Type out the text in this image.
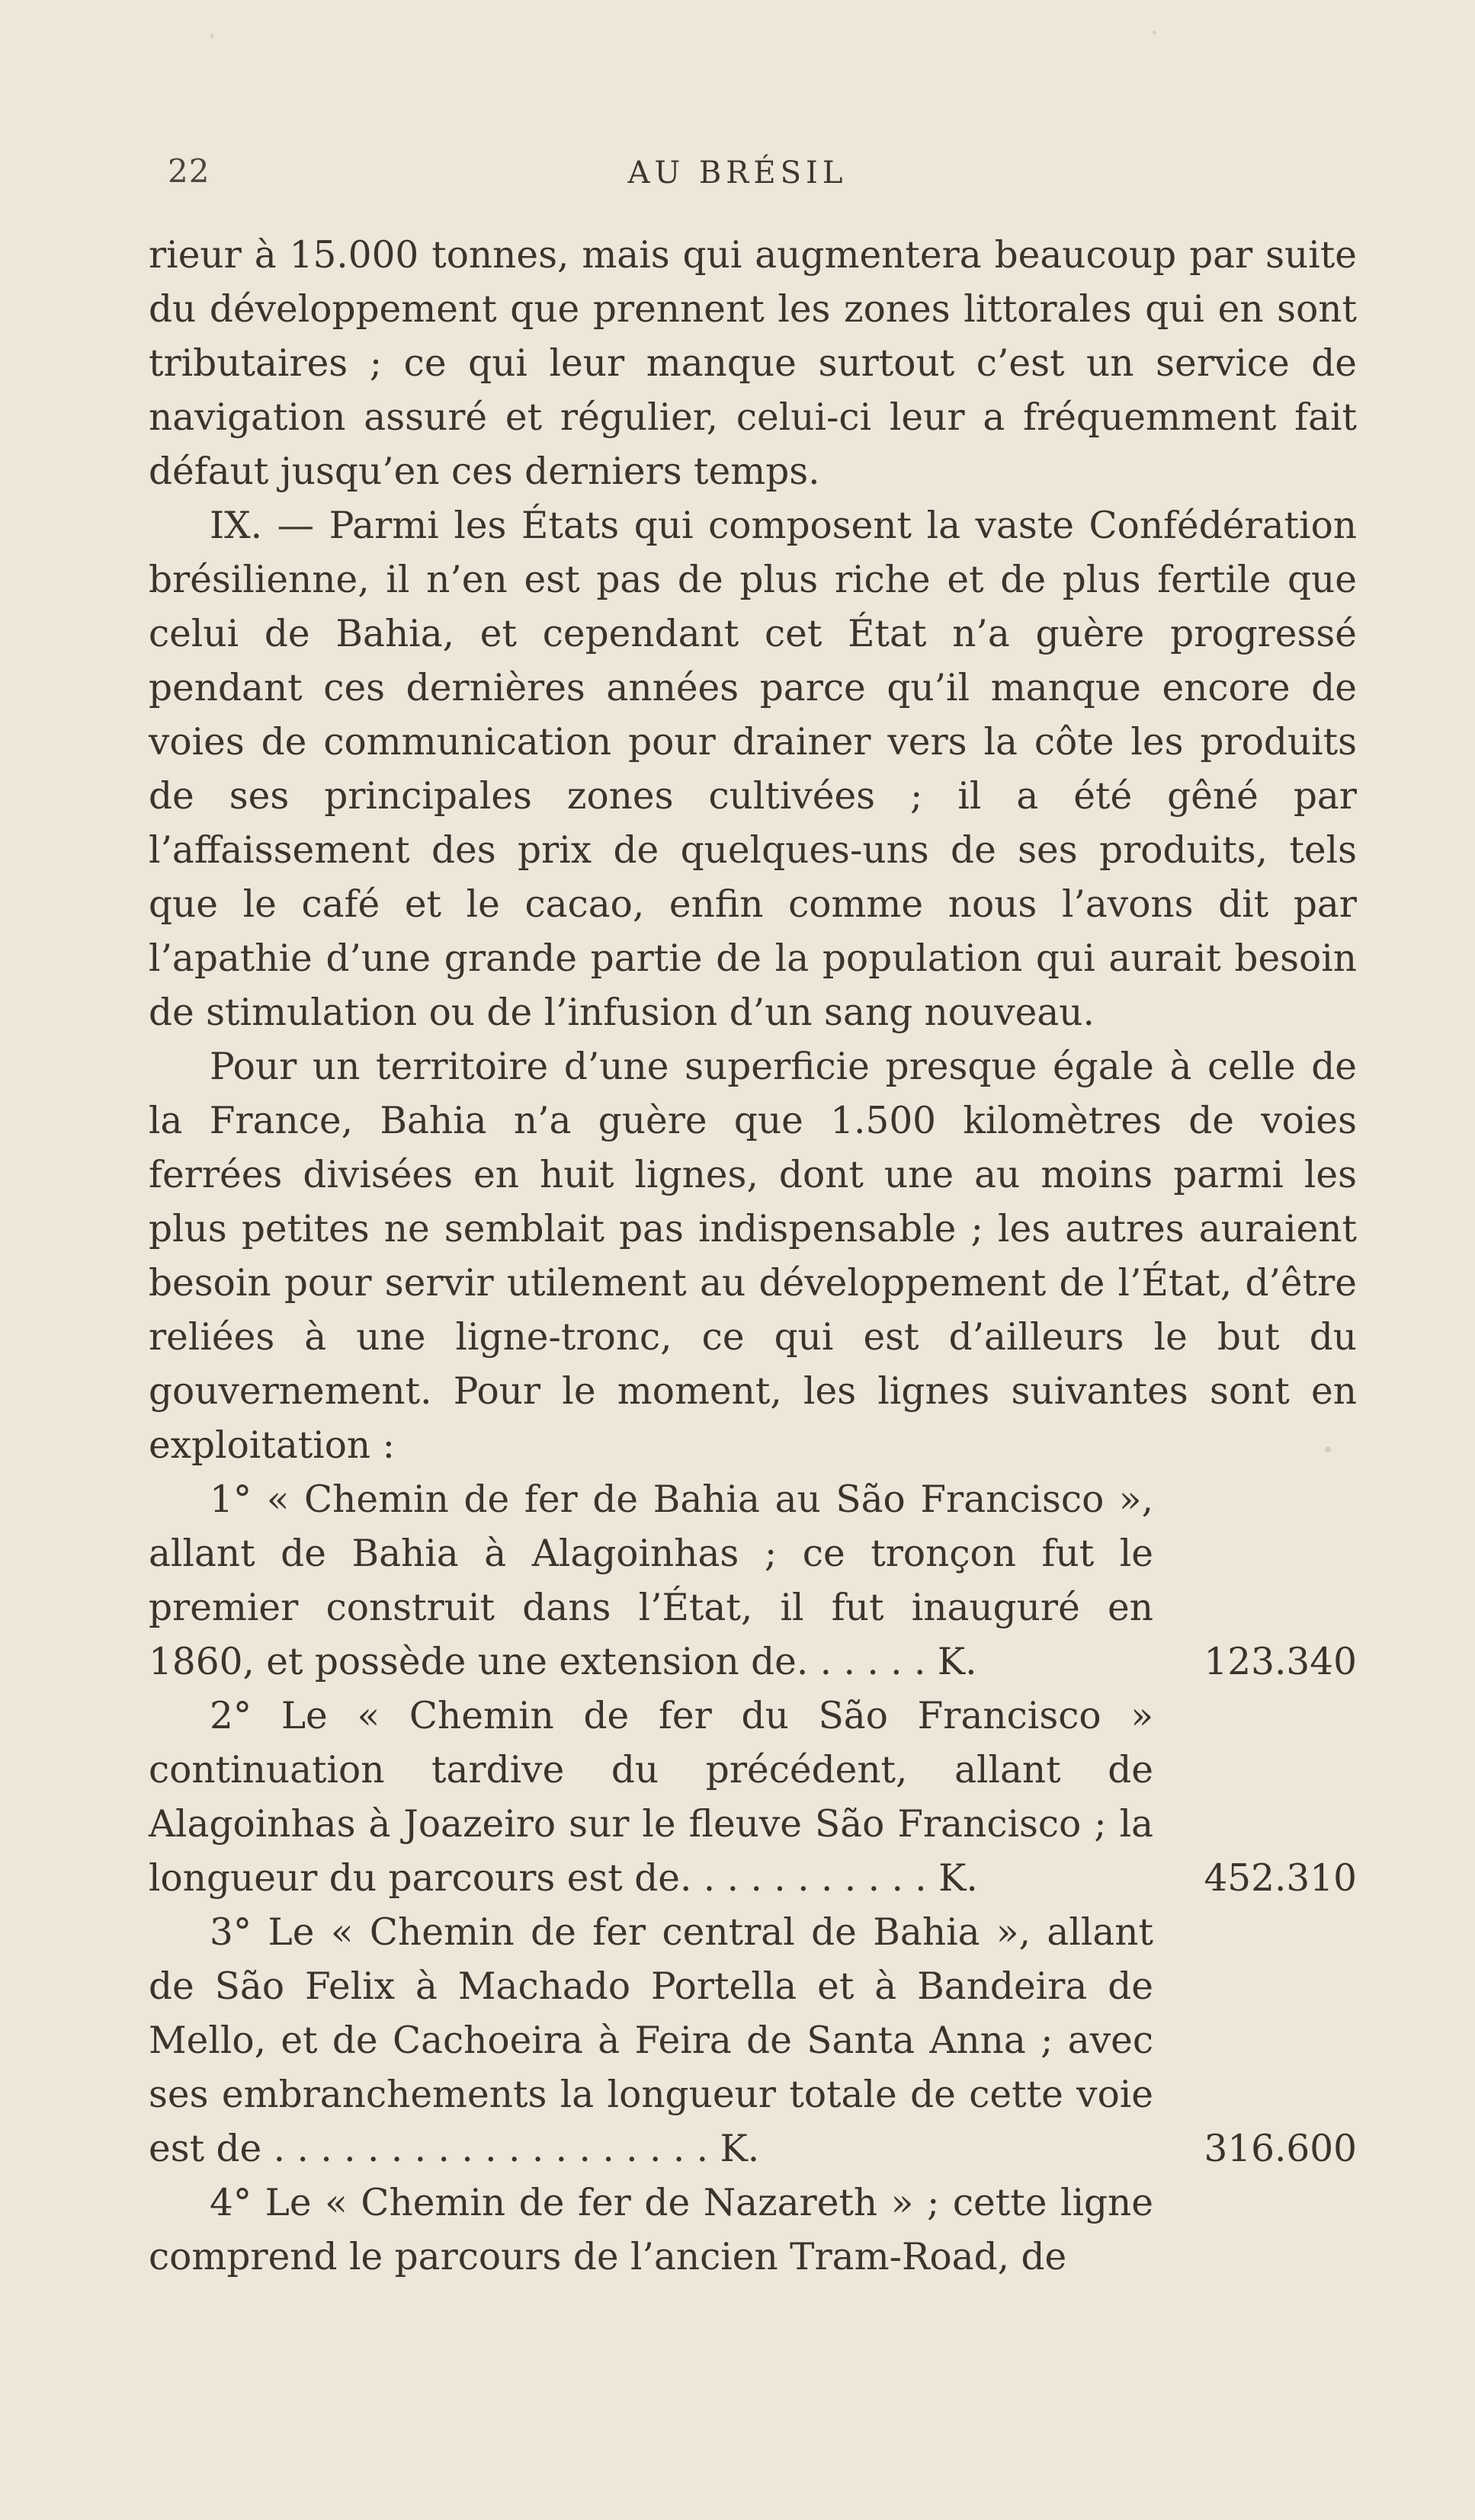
22	AU BRÉSIL

rieur à 15.000 tonnes, mais qui augmentera beaucoup par suite du développement que prennent les zones littorales qui en sont tributaires ; ce qui leur manque surtout c’est un service de navigation assuré et régulier, celui-ci leur a fréquemment fait défaut jusqu’en ces derniers temps.

IX. — Parmi les États qui composent la vaste Confédération brésilienne, il n’en est pas de plus riche et de plus fertile que celui de Bahia, et cependant cet État n’a guère progressé pendant ces dernières années parce qu’il manque encore de voies de communication pour drainer vers la côte les produits de ses principales zones cultivées ; il a été gêné par l’affaissement des prix de quelques-uns de ses produits, tels que le café et le cacao, enfin comme nous l’avons dit par l’apathie d’une grande partie de la population qui aurait besoin de stimulation ou de l’infusion d’un sang nouveau.

Pour un territoire d’une superficie presque égale à celle de la France, Bahia n’a guère que 1.500 kilomètres de voies ferrées divisées en huit lignes, dont une au moins parmi les plus petites ne semblait pas indispensable ; les autres auraient besoin pour servir utilement au développement de l’État, d’être reliées à une ligne-tronc, ce qui est d’ailleurs le but du gouvernement. Pour le moment, les lignes suivantes sont en exploitation :

1° « Chemin de fer de Bahia au São Francisco », allant de Bahia à Alagoinhas ; ce tronçon fut le premier construit dans l’État, il fut inauguré en 1860, et possède une extension de. . . . . . K.	123.340

2° Le « Chemin de fer du São Francisco » continuation tardive du précédent, allant de Alagoinhas à Joazeiro sur le fleuve São Francisco ; la longueur du parcours est de. . . . . . . . . . . K.	452.310

3° Le « Chemin de fer central de Bahia », allant de São Felix à Machado Portella et à Bandeira de Mello, et de Cachoeira à Feira de Santa Anna ; avec ses embranchements la longueur totale de cette voie est de . . . . . . . . . . . . . . . . . . . K.	316.600

4° Le « Chemin de fer de Nazareth » ; cette ligne comprend le parcours de l’ancien Tram-Road, de
